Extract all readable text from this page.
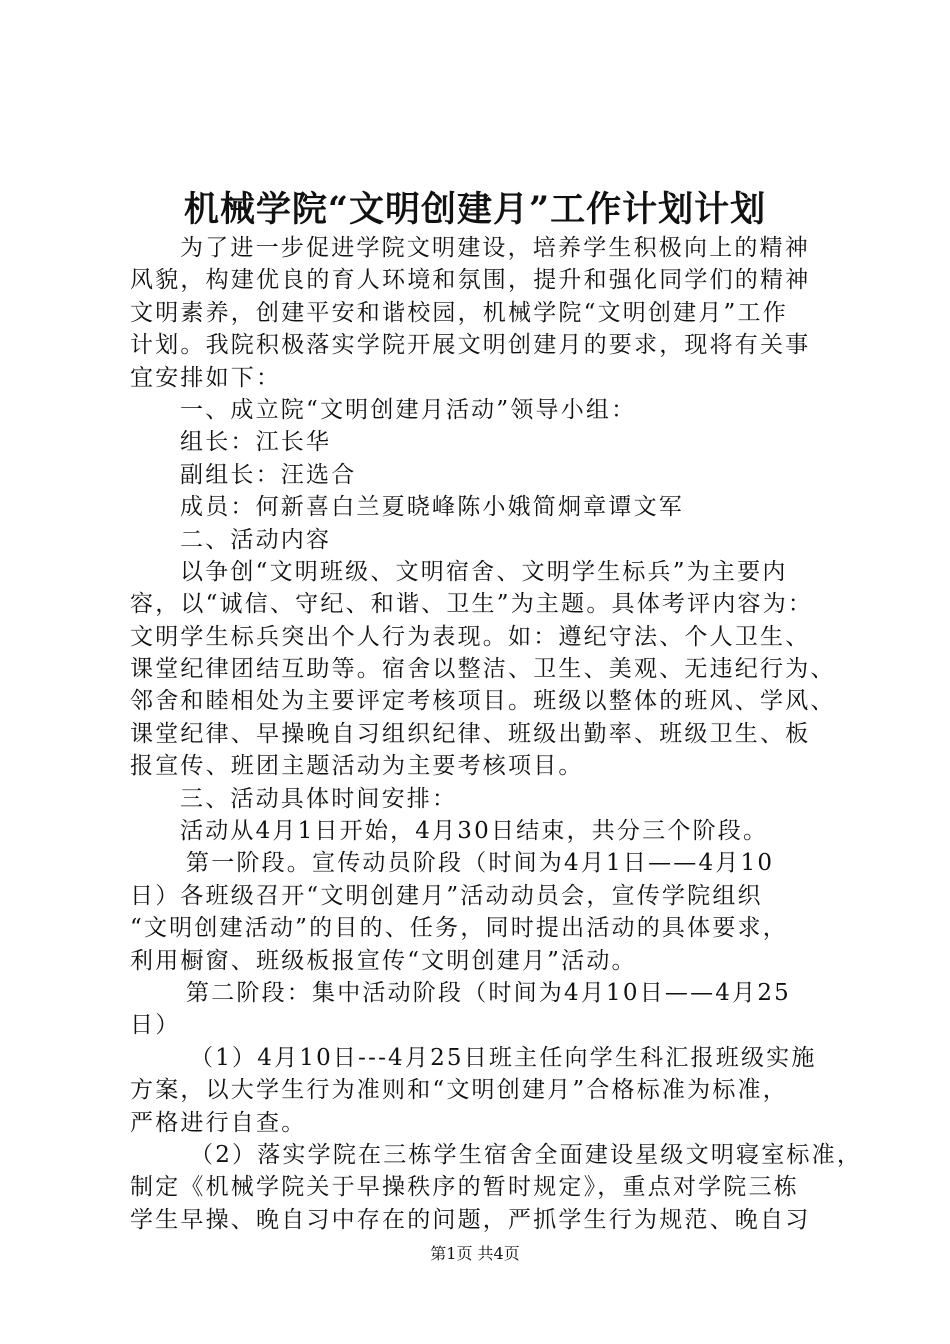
机械学院“文明创建月”工作计划计划
为了进一步促进学院文明建设，培养学生积极向上的精神
风貌，构建优良的育人环境和氛围，提升和强化同学们的精神
文明素养，创建平安和谐校园，机械学院“文明创建月”工作
计划。我院积极落实学院开展文明创建月的要求，现将有关事
宜安排如下：
一、成立院“文明创建月活动”领导小组：
组长：江长华
副组长：汪选合
成员：何新喜白兰夏晓峰陈小娥简炯章谭文军
二、活动内容
以争创“文明班级、文明宿舍、文明学生标兵”为主要内
容，以“诚信、守纪、和谐、卫生”为主题。具体考评内容为：
文明学生标兵突出个人行为表现。如：遵纪守法、个人卫生、
课堂纪律团结互助等。宿舍以整洁、卫生、美观、无违纪行为、
邻舍和睦相处为主要评定考核项目。班级以整体的班风、学风、
课堂纪律、早操晚自习组织纪律、班级出勤率、班级卫生、板
报宣传、班团主题活动为主要考核项目。
三、活动具体时间安排：
活动从4月1日开始，4月30日结束，共分三个阶段。
第一阶段。宣传动员阶段（时间为4月1日——4月10
日）各班级召开“文明创建月”活动动员会，宣传学院组织
“文明创建活动”的目的、任务，同时提出活动的具体要求，
利用橱窗、班级板报宣传“文明创建月”活动。
第二阶段：集中活动阶段（时间为4月10日——4月25
日）
（1）4月10日---4月25日班主任向学生科汇报班级实施
方案，以大学生行为准则和“文明创建月”合格标准为标准，
严格进行自查。
（2）落实学院在三栋学生宿舍全面建设星级文明寝室标准，
制定《机械学院关于早操秩序的暂时规定》，重点对学院三栋
学生早操、晚自习中存在的问题，严抓学生行为规范、晚自习
第1页 共4页
